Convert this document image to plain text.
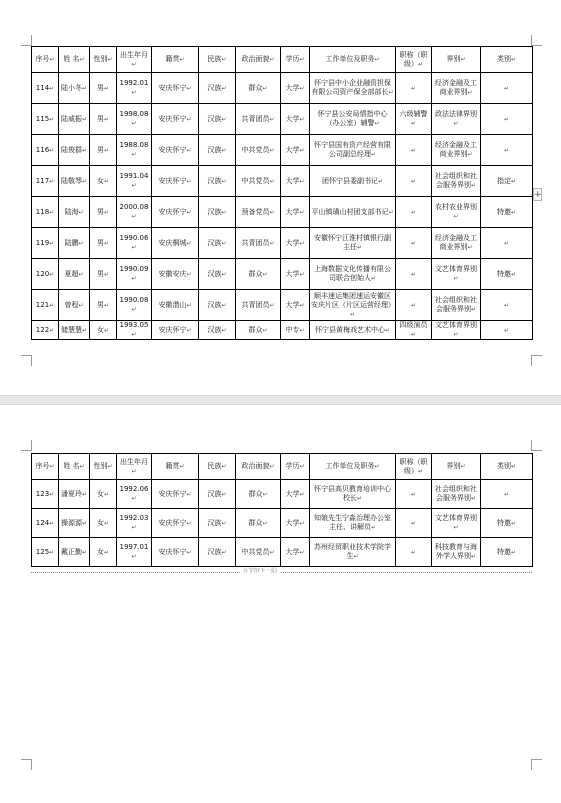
序号↵	姓 名↵	性别↵	出生年月↵	籍贯↵	民族↵	政治面貌↵	学历↵	工作单位及职务↵	职称（职级）↵	界别↵	类别↵
114↵	陆小冬↵	男↵	1992.01↵	安庆怀宁↵	汉族↵	群众↵	大学↵	怀宁县中小企业融资担保有限公司资产保全部部长↵	↵	经济金融及工商业界别↵	↵
115↵	陆威振↵	男↵	1998.08↵	安庆怀宁↵	汉族↵	共青团员↵	大学↵	怀宁县公安局情指中心（办公室）辅警↵	六级辅警↵	政法法律界别↵	↵
116↵	陆俊群↵	男↵	1988.08↵	安庆怀宁↵	汉族↵	中共党员↵	大学↵	怀宁县国有资产经营有限公司副总经理↵	↵	经济金融及工商业界别↵	↵
117↵	陆敬琴↵	女↵	1991.04↵	安庆怀宁↵	汉族↵	中共党员↵	大学↵	团怀宁县委副书记↵	↵	社会组织和社会服务界别↵	指定↵
118↵	陆海↵	男↵	2000.08↵	安庆怀宁↵	汉族↵	预备党员↵	大学↵	平山镇璜山村团支部书记↵	↵	农村农业界别↵	特邀↵
119↵	陆鹏↵	男↵	1990.06↵	安庆桐城↵	汉族↵	共青团员↵	大学↵	安徽怀宁江淮村镇银行副主任↵	↵	经济金融及工商业界别↵	↵
120↵	夏超↵	男↵	1990.09↵	安徽安庆↵	汉族↵	群众↵	大学↵	上海数据文化传播有限公司联合创始人↵	↵	文艺体育界别↵	特邀↵
121↵	曾程↵	男↵	1990.08↵	安徽潜山↵	汉族↵	共青团员↵	大学↵	顺丰速运集团速运安徽区安庆片区（片区运营经理）↵	↵	社会组织和社会服务界别↵	↵
122↵	储慧慧↵	女↵	1993.05↵	安庆怀宁↵	汉族↵	群众↵	中专↵	怀宁县黄梅戏艺术中心↵	四级演员↵	文艺体育界别↵	↵
序号↵	姓 名↵	性别↵	出生年月↵	籍贯↵	民族↵	政治面貌↵	学历↵	工作单位及职务↵	职称（职级）↵	界别↵	类别↵
123↵	潘夏玲↵	女↵	1992.06↵	安庆怀宁↵	汉族↵	群众↵	大学↵	怀宁县高贝教育培训中心校长↵	↵	社会组织和社会服务界别↵	↵
124↵	操源源↵	女↵	1992.03↵	安庆怀宁↵	汉族↵	群众↵	大学↵	知娘先生宁淼治理办公室主任、讲解员↵	↵	文艺体育界别↵	特邀↵
125↵	戴正勤↵	女↵	1997.01↵	安庆怀宁↵	汉族↵	中共党员↵	大学↵	苏州经贸职业技术学院学生↵	↵	科技教育与海外学人界别↵	特邀↵
+
分节符(下一页)
